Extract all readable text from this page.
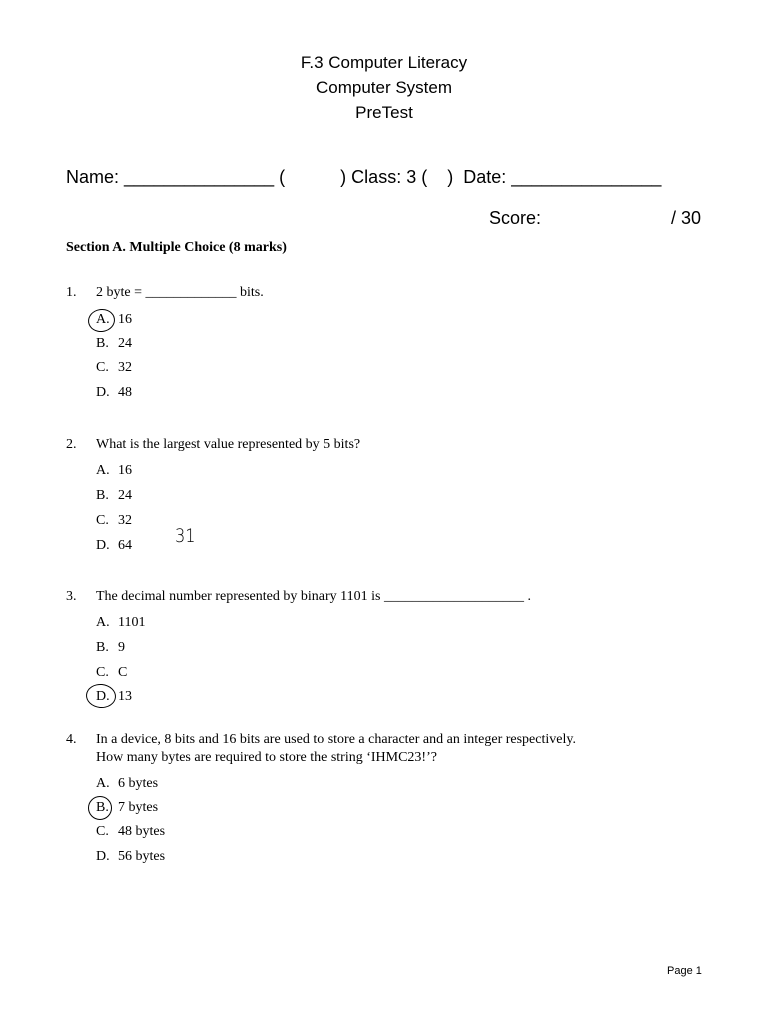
F.3 Computer Literacy
Computer System
PreTest
Name: _______________ (           ) Class: 3 (    )  Date: _______________
Score:	/ 30
Section A. Multiple Choice (8 marks)
1. 2 byte = _____________ bits.
A. 16
B. 24
C. 32
D. 48
2. What is the largest value represented by 5 bits?
A. 16
B. 24
C. 32
D. 64 31
3. The decimal number represented by binary 1101 is ____________________ .
A. 1101
B. 9
C. C
D. 13
4. In a device, 8 bits and 16 bits are used to store a character and an integer respectively.
How many bytes are required to store the string ‘IHMC23!’?
A. 6 bytes
B. 7 bytes
C. 48 bytes
D. 56 bytes
Page 1
